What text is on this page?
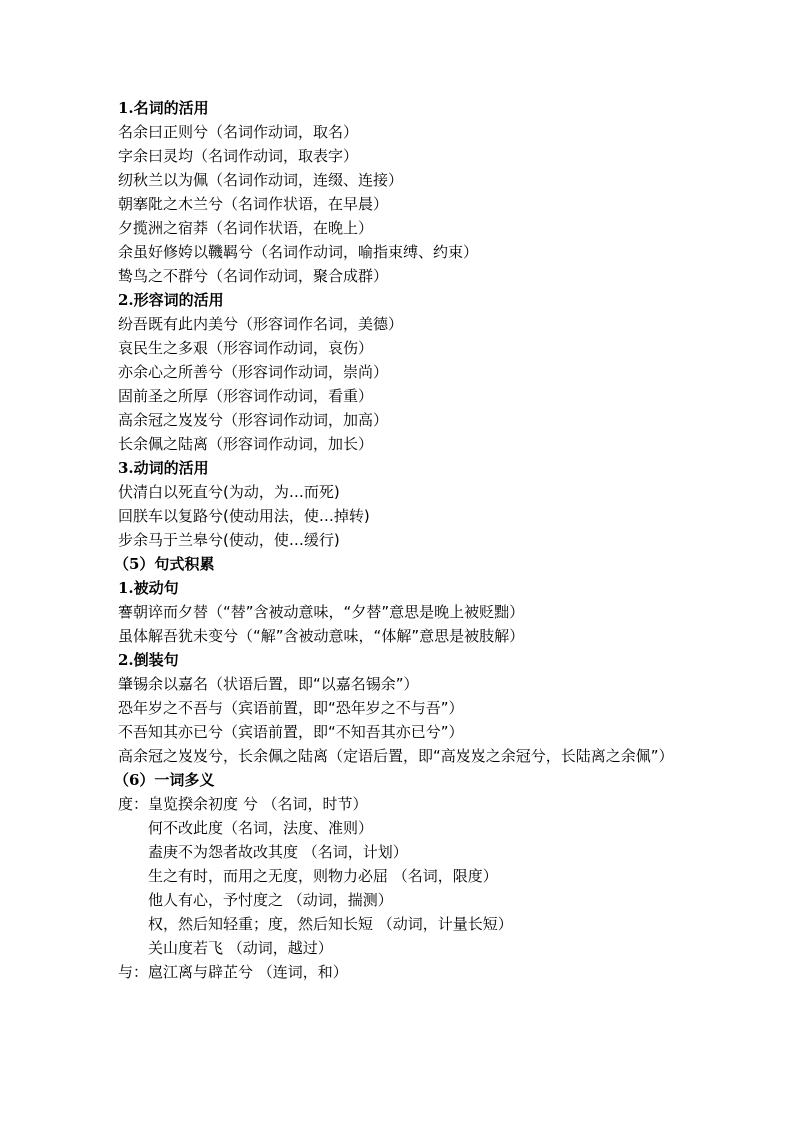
1.名词的活用
名余曰正则兮（名词作动词，取名）
字余曰灵均（名词作动词，取表字）
纫秋兰以为佩（名词作动词，连缀、连接）
朝搴阰之木兰兮（名词作状语，在早晨）
夕揽洲之宿莽（名词作状语，在晚上）
余虽好修姱以鞿羁兮（名词作动词，喻指束缚、约束）
鸷鸟之不群兮（名词作动词，聚合成群）
2.形容词的活用
纷吾既有此内美兮（形容词作名词，美德）
哀民生之多艰（形容词作动词，哀伤）
亦余心之所善兮（形容词作动词，崇尚）
固前圣之所厚（形容词作动词，看重）
高余冠之岌岌兮（形容词作动词，加高）
长余佩之陆离（形容词作动词，加长）
3.动词的活用
伏清白以死直兮(为动，为…而死)
回朕车以复路兮(使动用法，使…掉转)
步余马于兰皋兮(使动，使…缓行)
（5）句式积累
1.被动句
謇朝谇而夕替（“替”含被动意味，“夕替”意思是晚上被贬黜）
虽体解吾犹未变兮（“解”含被动意味，“体解”意思是被肢解）
2.倒装句
肇锡余以嘉名（状语后置，即“以嘉名锡余”）
恐年岁之不吾与（宾语前置，即“恐年岁之不与吾”）
不吾知其亦已兮（宾语前置，即“不知吾其亦已兮”）
高余冠之岌岌兮，长余佩之陆离（定语后置，即“高岌岌之余冠兮，长陆离之余佩”）
（6）一词多义
度：皇览揆余初度 兮 （名词，时节）
何不改此度（名词，法度、准则）
盍庚不为怨者故改其度 （名词，计划）
生之有时，而用之无度，则物力必屈 （名词，限度）
他人有心，予忖度之 （动词，揣测）
权，然后知轻重；度，然后知长短 （动词，计量长短）
关山度若飞 （动词，越过）
与：扈江离与辟芷兮 （连词，和）
